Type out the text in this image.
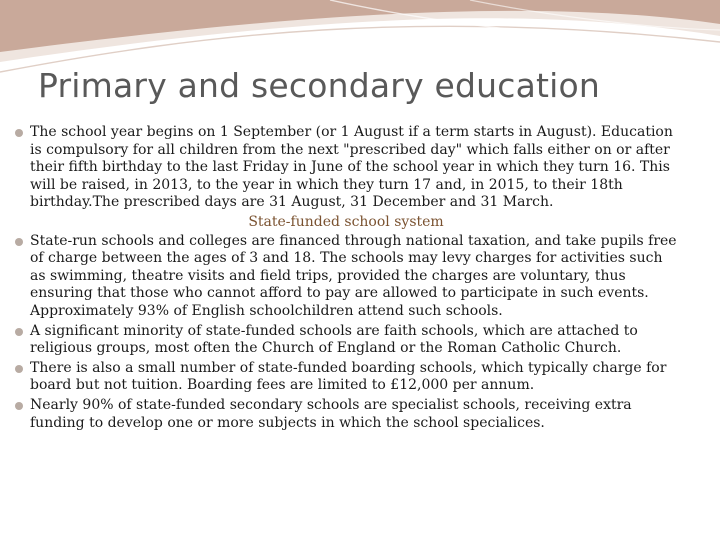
Primary and secondary education
The school year begins on 1 September (or 1 August if a term starts in August). Education is compulsory for all children from the next "prescribed day" which falls either on or after their fifth birthday to the last Friday in June of the school year in which they turn 16. This will be raised, in 2013, to the year in which they turn 17 and, in 2015, to their 18th birthday.The prescribed days are 31 August, 31 December and 31 March.
State-funded school system
State-run schools and colleges are financed through national taxation, and take pupils free of charge between the ages of 3 and 18. The schools may levy charges for activities such as swimming, theatre visits and field trips, provided the charges are voluntary, thus ensuring that those who cannot afford to pay are allowed to participate in such events. Approximately 93% of English schoolchildren attend such schools.
A significant minority of state-funded schools are faith schools, which are attached to religious groups, most often the Church of England or the Roman Catholic Church.
There is also a small number of state-funded boarding schools, which typically charge for board but not tuition. Boarding fees are limited to £12,000 per annum.
Nearly 90% of state-funded secondary schools are specialist schools, receiving extra funding to develop one or more subjects in which the school specialices.
